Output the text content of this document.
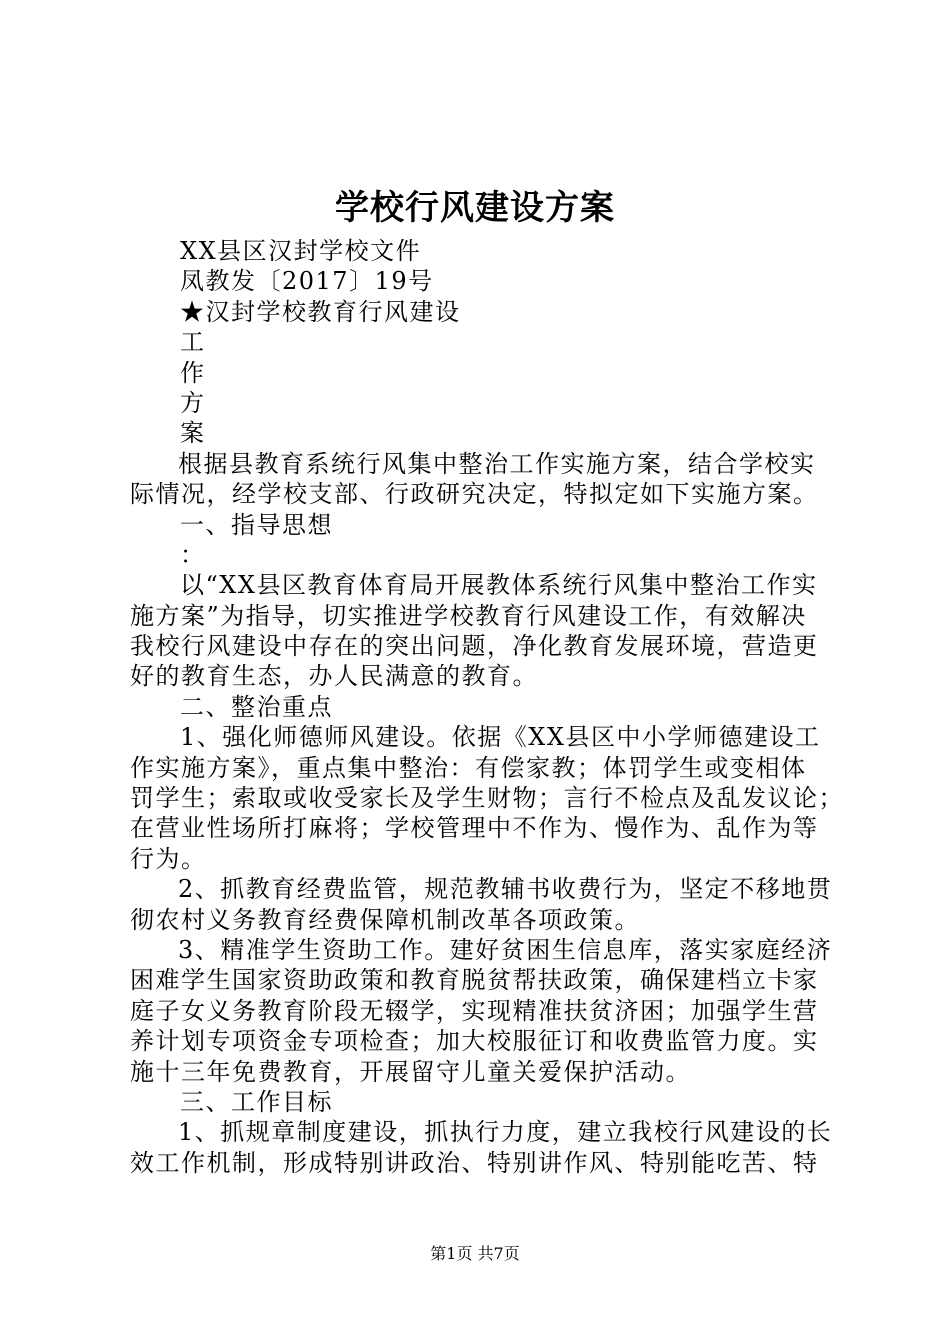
学校行风建设方案
XX县区汉封学校文件
凤教发〔2017〕19号
★汉封学校教育行风建设
工
作
方
案
根据县教育系统行风集中整治工作实施方案，结合学校实
际情况，经学校支部、行政研究决定，特拟定如下实施方案。
一、指导思想
：
以“XX县区教育体育局开展教体系统行风集中整治工作实
施方案”为指导，切实推进学校教育行风建设工作，有效解决
我校行风建设中存在的突出问题，净化教育发展环境，营造更
好的教育生态，办人民满意的教育。
二、整治重点
1、强化师德师风建设。依据《XX县区中小学师德建设工
作实施方案》，重点集中整治：有偿家教；体罚学生或变相体
罚学生；索取或收受家长及学生财物；言行不检点及乱发议论；
在营业性场所打麻将；学校管理中不作为、慢作为、乱作为等
行为。
2、抓教育经费监管，规范教辅书收费行为，坚定不移地贯
彻农村义务教育经费保障机制改革各项政策。
3、精准学生资助工作。建好贫困生信息库，落实家庭经济
困难学生国家资助政策和教育脱贫帮扶政策，确保建档立卡家
庭子女义务教育阶段无辍学，实现精准扶贫济困；加强学生营
养计划专项资金专项检查；加大校服征订和收费监管力度。实
施十三年免费教育，开展留守儿童关爱保护活动。
三、工作目标
1、抓规章制度建设，抓执行力度，建立我校行风建设的长
效工作机制，形成特别讲政治、特别讲作风、特别能吃苦、特
第1页 共7页
